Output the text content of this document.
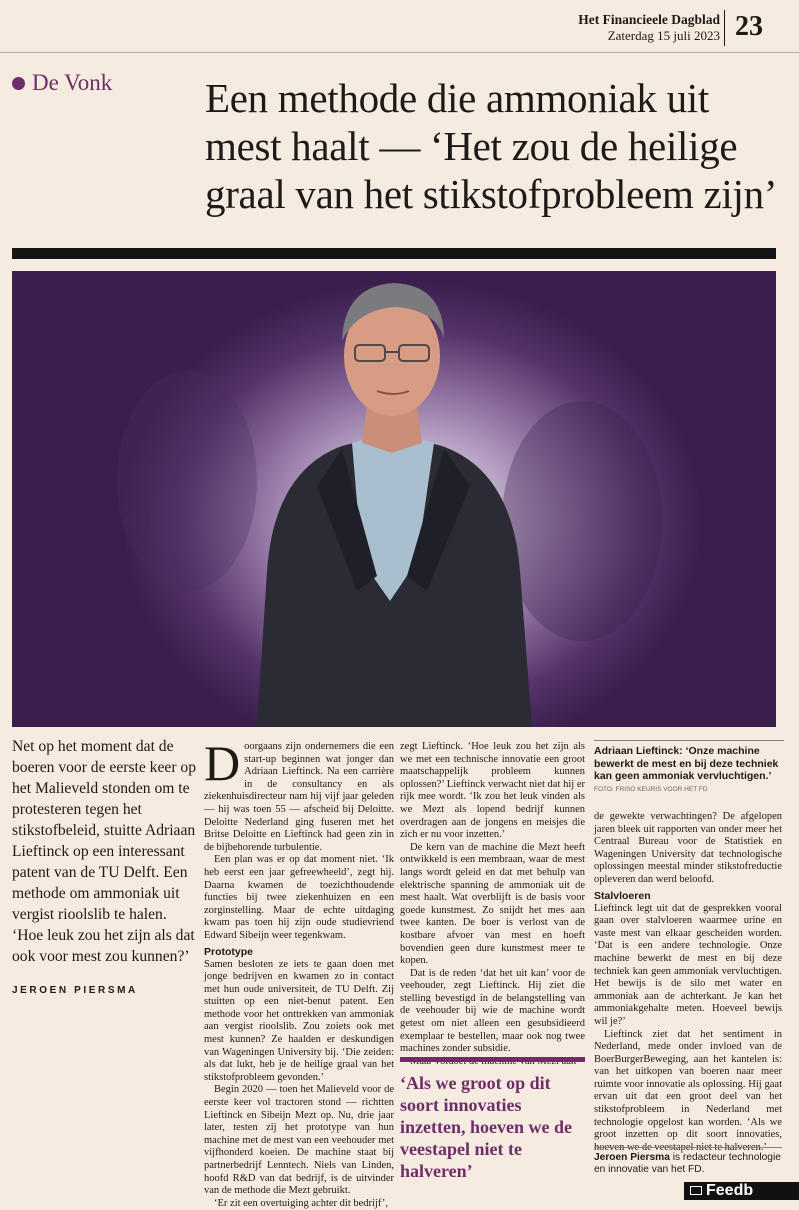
Het Financieele Dagblad
Zaterdag 15 juli 2023 23
De Vonk Een methode die ammoniak uit mest haalt — ‘Het zou de heilige graal van het stikstofprobleem zijn’
Net op het moment dat de boeren voor de eerste keer op het Malieveld stonden om te protesteren tegen het stikstofbeleid, stuitte Adriaan Lieftinck op een interessant patent van de TU Delft. Een methode om ammoniak uit vergist rioolslib te halen. ‘Hoe leuk zou het zijn als dat ook voor mest zou kunnen?’
JEROEN PIERSMA

Doorgaans zijn ondernemers die een start-up beginnen wat jonger dan Adriaan Lieftinck. Na een carrière in de consultancy en als ziekenhuisdirecteur nam hij vijf jaar geleden — hij was toen 55 — afscheid bij Deloitte. Deloitte Nederland ging fuseren met het Britse Deloitte en Lieftinck had geen zin in de bijbehorende turbulentie.

Een plan was er op dat moment niet. ‘Ik heb eerst een jaar gefreewheeld’, zegt hij. Daarna kwamen de toezichthoudende functies bij twee ziekenhuizen en een zorginstelling. Maar de echte uitdaging kwam pas toen hij zijn oude studievriend Edward Sibeijn weer tegenkwam.

Prototype

Samen besloten ze iets te gaan doen met jonge bedrijven en kwamen zo in contact met hun oude universiteit, de TU Delft. Zij stuitten op een niet-benut patent. Een methode voor het onttrekken van ammoniak aan vergist rioolslib. Zou zoiets ook met mest kunnen? Ze haalden er deskundigen van Wageningen University bij. ‘Die zeiden: als dat lukt, heb je de heilige graal van het stikstofprobleem gevonden.’

Begin 2020 — toen het Malieveld voor de eerste keer vol tractoren stond — richtten Lieftinck en Sibeijn Mezt op. Nu, drie jaar later, testen zij het prototype van hun machine met de mest van een veehouder met vijfhonderd koeien. De machine staat bij partnerbedrijf Lenntech. Niels van Linden, hoofd R&D van dat bedrijf, is de uitvinder van de methode die Mezt gebruikt.

‘Er zit een overtuiging achter dit bedrijf’,

zegt Lieftinck. ‘Hoe leuk zou het zijn als we met een technische innovatie een groot maatschappelijk probleem kunnen oplossen?’ Lieftinck verwacht niet dat hij er rijk mee wordt. ‘Ik zou het leuk vinden als we Mezt als lopend bedrijf kunnen overdragen aan de jongens en meisjes die zich er nu voor inzetten.’

De kern van de machine die Mezt heeft ontwikkeld is een membraan, waar de mest langs wordt geleid en dat met behulp van elektrische spanning de ammoniak uit de mest haalt. Wat overblijft is de basis voor goede kunstmest. Zo snijdt het mes aan twee kanten. De boer is verlost van de kostbare afvoer van mest en hoeft bovendien geen dure kunstmest meer te kopen.

Dat is de reden ‘dat het uit kan’ voor de veehouder, zegt Lieftinck. Hij ziet die stelling bevestigd in de belangstelling van de veehouder bij wie de machine wordt getest om niet alleen een gesubsidieerd exemplaar te bestellen, maar ook nog twee machines zonder subsidie.

Maar voldoet de machine van Mezt aan

‘Als we groot op dit soort innovaties inzetten, hoeven we de veestapel niet te halveren’
Adriaan Lieftinck: ‘Onze machine bewerkt de mest en bij deze techniek kan geen ammoniak vervluchtigen.’
FOTO: FRISO KEURIS VOOR HET FD

de gewekte verwachtingen? De afgelopen jaren bleek uit rapporten van onder meer het Centraal Bureau voor de Statistiek en Wageningen University dat technologische oplossingen meestal minder stikstofreductie opleveren dan werd beloofd.

Stalvloeren

Lieftinck legt uit dat de gesprekken vooral gaan over stalvloeren waarmee urine en vaste mest van elkaar gescheiden worden. ‘Dat is een andere technologie. Onze machine bewerkt de mest en bij deze techniek kan geen ammoniak vervluchtigen. Het bewijs is de silo met water en ammoniak aan de achterkant. Je kan het ammoniakgehalte meten. Hoeveel bewijs wil je?’

Lieftinck ziet dat het sentiment in Nederland, mede onder invloed van de BoerBurgerBeweging, aan het kantelen is: van het uitkopen van boeren naar meer ruimte voor innovatie als oplossing. Hij gaat ervan uit dat een groot deel van het stikstofprobleem in Nederland met technologie opgelost kan worden. ‘Als we groot inzetten op dit soort innovaties, hoeven we de veestapel niet te halveren.’

Jeroen Piersma is redacteur technologie en innovatie van het FD.
Feedb
